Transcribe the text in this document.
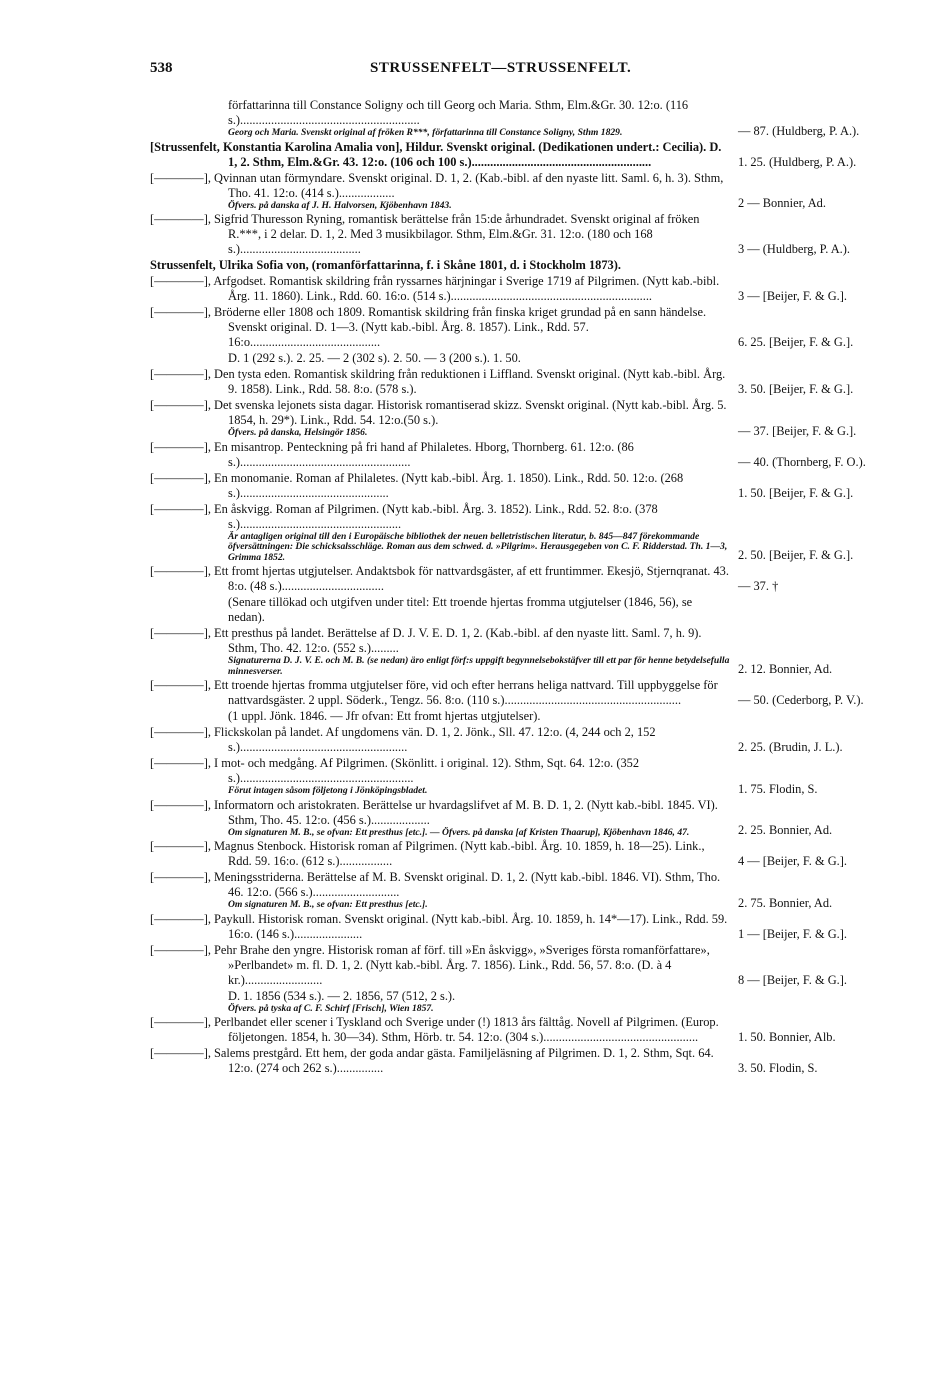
538	STRUSSENFELT—STRUSSENFELT.
författarinna till Constance Soligny och till Georg och Maria. Sthm, Elm.&Gr. 30. 12:o. (116 s.)..........................................................
Georg och Maria. Svenskt original af fröken R***, författarinna till Constance Soligny, Sthm 1829.	— 87. (Huldberg, P. A.).
[Strussenfelt, Konstantia Karolina Amalia von], Hildur. Svenskt original. (Dedikationen undert.: Cecilia). D. 1, 2. Sthm, Elm.&Gr. 43. 12:o. (106 och 100 s.)..........................................................	1. 25. (Huldberg, P. A.).
[————], Qvinnan utan förmyndare. Svenskt original. D. 1, 2. (Kab.-bibl. af den nyaste litt. Saml. 6, h. 3). Sthm, Tho. 41. 12:o. (414 s.)..................
Öfvers. på danska af J. H. Halvorsen, Kjöbenhavn 1843.	2 — Bonnier, Ad.
[————], Sigfrid Thuresson Ryning, romantisk berättelse från 15:de århundradet. Svenskt original af fröken R.***, i 2 delar. D. 1, 2. Med 3 musikbilagor. Sthm, Elm.&Gr. 31. 12:o. (180 och 168 s.).......................................	3 — (Huldberg, P. A.).
Strussenfelt, Ulrika Sofia von, (romanförfattarinna, f. i Skåne 1801, d. i Stockholm 1873).
[————], Arfgodset. Romantisk skildring från ryssarnes härjningar i Sverige 1719 af Pilgrimen. (Nytt kab.-bibl. Årg. 11. 1860). Link., Rdd. 60. 16:o. (514 s.).................................................................	3 — [Beijer, F. & G.].
[————], Bröderne eller 1808 och 1809. Romantisk skildring från finska kriget grundad på en sann händelse. Svenskt original. D. 1—3. (Nytt kab.-bibl. Årg. 8. 1857). Link., Rdd. 57. 16:o..........................................	6. 25. [Beijer, F. & G.].
D. 1 (292 s.). 2. 25. — 2 (302 s). 2. 50. — 3 (200 s.). 1. 50.
[————], Den tysta eden. Romantisk skildring från reduktionen i Liffland. Svenskt original. (Nytt kab.-bibl. Årg. 9. 1858). Link., Rdd. 58. 8:o. (578 s.).	3. 50. [Beijer, F. & G.].
[————], Det svenska lejonets sista dagar. Historisk romantiserad skizz. Svenskt original. (Nytt kab.-bibl. Årg. 5. 1854, h. 29*). Link., Rdd. 54. 12:o.(50 s.).
Öfvers. på danska, Helsingör 1856.	— 37. [Beijer, F. & G.].
[————], En misantrop. Penteckning på fri hand af Philaletes. Hborg, Thornberg. 61. 12:o. (86 s.).......................................................	— 40. (Thornberg, F. O.).
[————], En monomanie. Roman af Philaletes. (Nytt kab.-bibl. Årg. 1. 1850). Link., Rdd. 50. 12:o. (268 s.)................................................	1. 50. [Beijer, F. & G.].
[————], En åskvigg. Roman af Pilgrimen. (Nytt kab.-bibl. Årg. 3. 1852). Link., Rdd. 52. 8:o. (378 s.)....................................................
Är antagligen original till den i Europäische bibliothek der neuen belletristischen literatur, b. 845—847 förekommande öfversättningen: Die schicksalsschläge. Roman aus dem schwed. d. »Pilgrim». Herausgegeben von C. F. Ridderstad. Th. 1—3, Grimma 1852.	2. 50. [Beijer, F. & G.].
[————], Ett fromt hjertas utgjutelser. Andaktsbok för nattvardsgäster, af ett fruntimmer. Ekesjö, Stjernqranat. 43. 8:o. (48 s.).................................	— 37. †
(Senare tillökad och utgifven under titel: Ett troende hjertas fromma utgjutelser (1846, 56), se nedan).
[————], Ett presthus på landet. Berättelse af D. J. V. E. D. 1, 2. (Kab.-bibl. af den nyaste litt. Saml. 7, h. 9). Sthm, Tho. 42. 12:o. (552 s.).........
Signaturerna D. J. V. E. och M. B. (se nedan) äro enligt förf:s uppgift begynnelsebokstäfver till ett par för henne betydelsefulla minnesverser.	2. 12. Bonnier, Ad.
[————], Ett troende hjertas fromma utgjutelser före, vid och efter herrans heliga nattvard. Till uppbyggelse för nattvardsgäster. 2 uppl. Söderk., Tengz. 56. 8:o. (110 s.).........................................................	— 50. (Cederborg, P. V.).
(1 uppl. Jönk. 1846. — Jfr ofvan: Ett fromt hjertas utgjutelser).
[————], Flickskolan på landet. Af ungdomens vän. D. 1, 2. Jönk., Sll. 47. 12:o. (4, 244 och 2, 152 s.)......................................................	2. 25. (Brudin, J. L.).
[————], I mot- och medgång. Af Pilgrimen. (Skönlitt. i original. 12). Sthm, Sqt. 64. 12:o. (352 s.)........................................................
Förut intagen såsom följetong i Jönköpingsbladet.	1. 75. Flodin, S.
[————], Informatorn och aristokraten. Berättelse ur hvardagslifvet af M. B. D. 1, 2. (Nytt kab.-bibl. 1845. VI). Sthm, Tho. 45. 12:o. (456 s.)...................
Om signaturen M. B., se ofvan: Ett presthus [etc.]. — Öfvers. på danska [af Kristen Thaarup], Kjöbenhavn 1846, 47.	2. 25. Bonnier, Ad.
[————], Magnus Stenbock. Historisk roman af Pilgrimen. (Nytt kab.-bibl. Årg. 10. 1859, h. 18—25). Link., Rdd. 59. 16:o. (612 s.).................	4 — [Beijer, F. & G.].
[————], Meningsstriderna. Berättelse af M. B. Svenskt original. D. 1, 2. (Nytt kab.-bibl. 1846. VI). Sthm, Tho. 46. 12:o. (566 s.)............................
Om signaturen M. B., se ofvan: Ett presthus [etc.].	2. 75. Bonnier, Ad.
[————], Paykull. Historisk roman. Svenskt original. (Nytt kab.-bibl. Årg. 10. 1859, h. 14*—17). Link., Rdd. 59. 16:o. (146 s.)......................	1 — [Beijer, F. & G.].
[————], Pehr Brahe den yngre. Historisk roman af förf. till »En åskvigg», »Sveriges första romanförfattare», »Perlbandet» m. fl. D. 1, 2. (Nytt kab.-bibl. Årg. 7. 1856). Link., Rdd. 56, 57. 8:o. (D. à 4 kr.).........................	8 — [Beijer, F. & G.].
D. 1. 1856 (534 s.). — 2. 1856, 57 (512, 2 s.).
Öfvers. på tyska af C. F. Schirf [Frisch], Wien 1857.
[————], Perlbandet eller scener i Tyskland och Sverige under (!) 1813 års fälttåg. Novell af Pilgrimen. (Europ. följetongen. 1854, h. 30—34). Sthm, Hörb. tr. 54. 12:o. (304 s.)..................................................	1. 50. Bonnier, Alb.
[————], Salems prestgård. Ett hem, der goda andar gästa. Familjeläsning af Pilgrimen. D. 1, 2. Sthm, Sqt. 64. 12:o. (274 och 262 s.)...............	3. 50. Flodin, S.
